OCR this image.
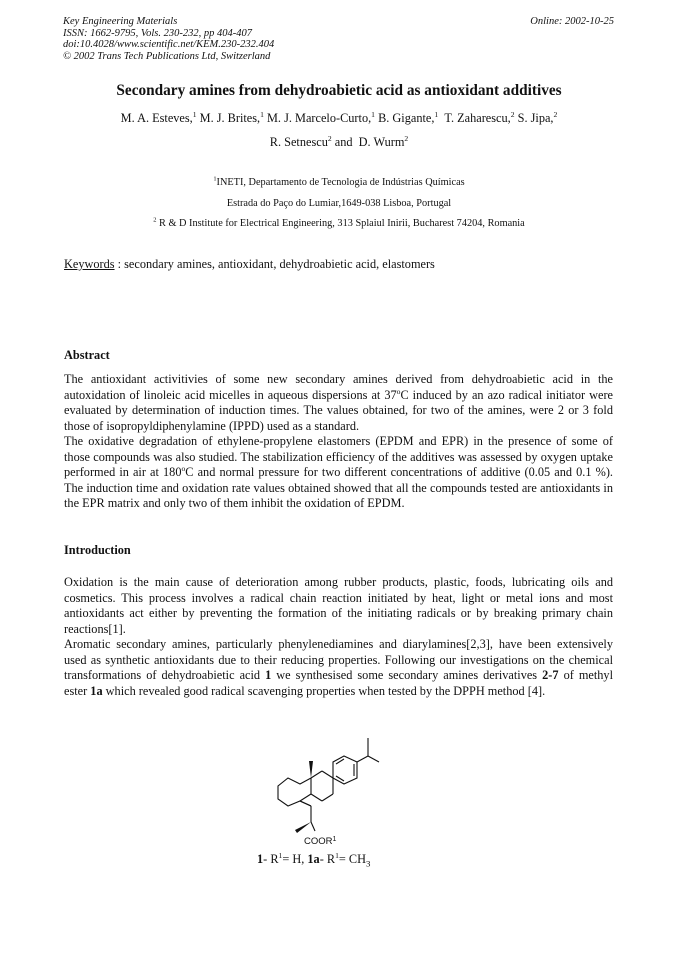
Key Engineering Materials
ISSN: 1662-9795, Vols. 230-232, pp 404-407
doi:10.4028/www.scientific.net/KEM.230-232.404
© 2002 Trans Tech Publications Ltd, Switzerland
Online: 2002-10-25
Secondary amines from dehydroabietic acid as antioxidant additives
M. A. Esteves,$^1$ M. J. Brites,$^1$ M. J. Marcelo-Curto,$^1$ B. Gigante,$^1$ T. Zaharescu,$^2$ S. Jipa,$^2$
R. Setnescu$^2$ and D. Wurm$^2$
$^1$INETI, Departamento de Tecnologia de Indústrias Químicas
Estrada do Paço do Lumiar,1649-038 Lisboa, Portugal
$^2$ R & D Institute for Electrical Engineering, 313 Splaiul Inirii, Bucharest 74204, Romania
Keywords : secondary amines, antioxidant, dehydroabietic acid, elastomers
Abstract

The antioxidant activitivies of some new secondary amines derived from dehydroabietic acid in the autoxidation of linoleic acid micelles in aqueous dispersions at 37$^o$C induced by an azo radical initiator were evaluated by determination of induction times. The values obtained, for two of the amines, were 2 or 3 fold those of isopropyldiphenylamine (IPPD) used as a standard.

The oxidative degradation of ethylene-propylene elastomers (EPDM and EPR) in the presence of some of those compounds was also studied. The stabilization efficiency of the additives was assessed by oxygen uptake performed in air at 180$^o$C and normal pressure for two different concentrations of additive (0.05 and 0.1 %). The induction time and oxidation rate values obtained showed that all the compounds tested are antioxidants in the EPR matrix and only two of them inhibit the oxidation of EPDM.

Introduction

Oxidation is the main cause of deterioration among rubber products, plastic, foods, lubricating oils and cosmetics. This process involves a radical chain reaction initiated by heat, light or metal ions and most antioxidants act either by preventing the formation of the initiating radicals or by breaking primary chain reactions[1].

Aromatic secondary amines, particularly phenylenediamines and diarylamines[2,3], have been extensively used as synthetic antioxidants due to their reducing properties. Following our investigations on the chemical transformations of dehydroabietic acid 1 we synthesised some secondary amines derivatives 2-7 of methyl ester 1a which revealed good radical scavenging properties when tested by the DPPH method [4].

COOR$^1$
1- $R^1= H$, 1a- $R^1= CH_3$
